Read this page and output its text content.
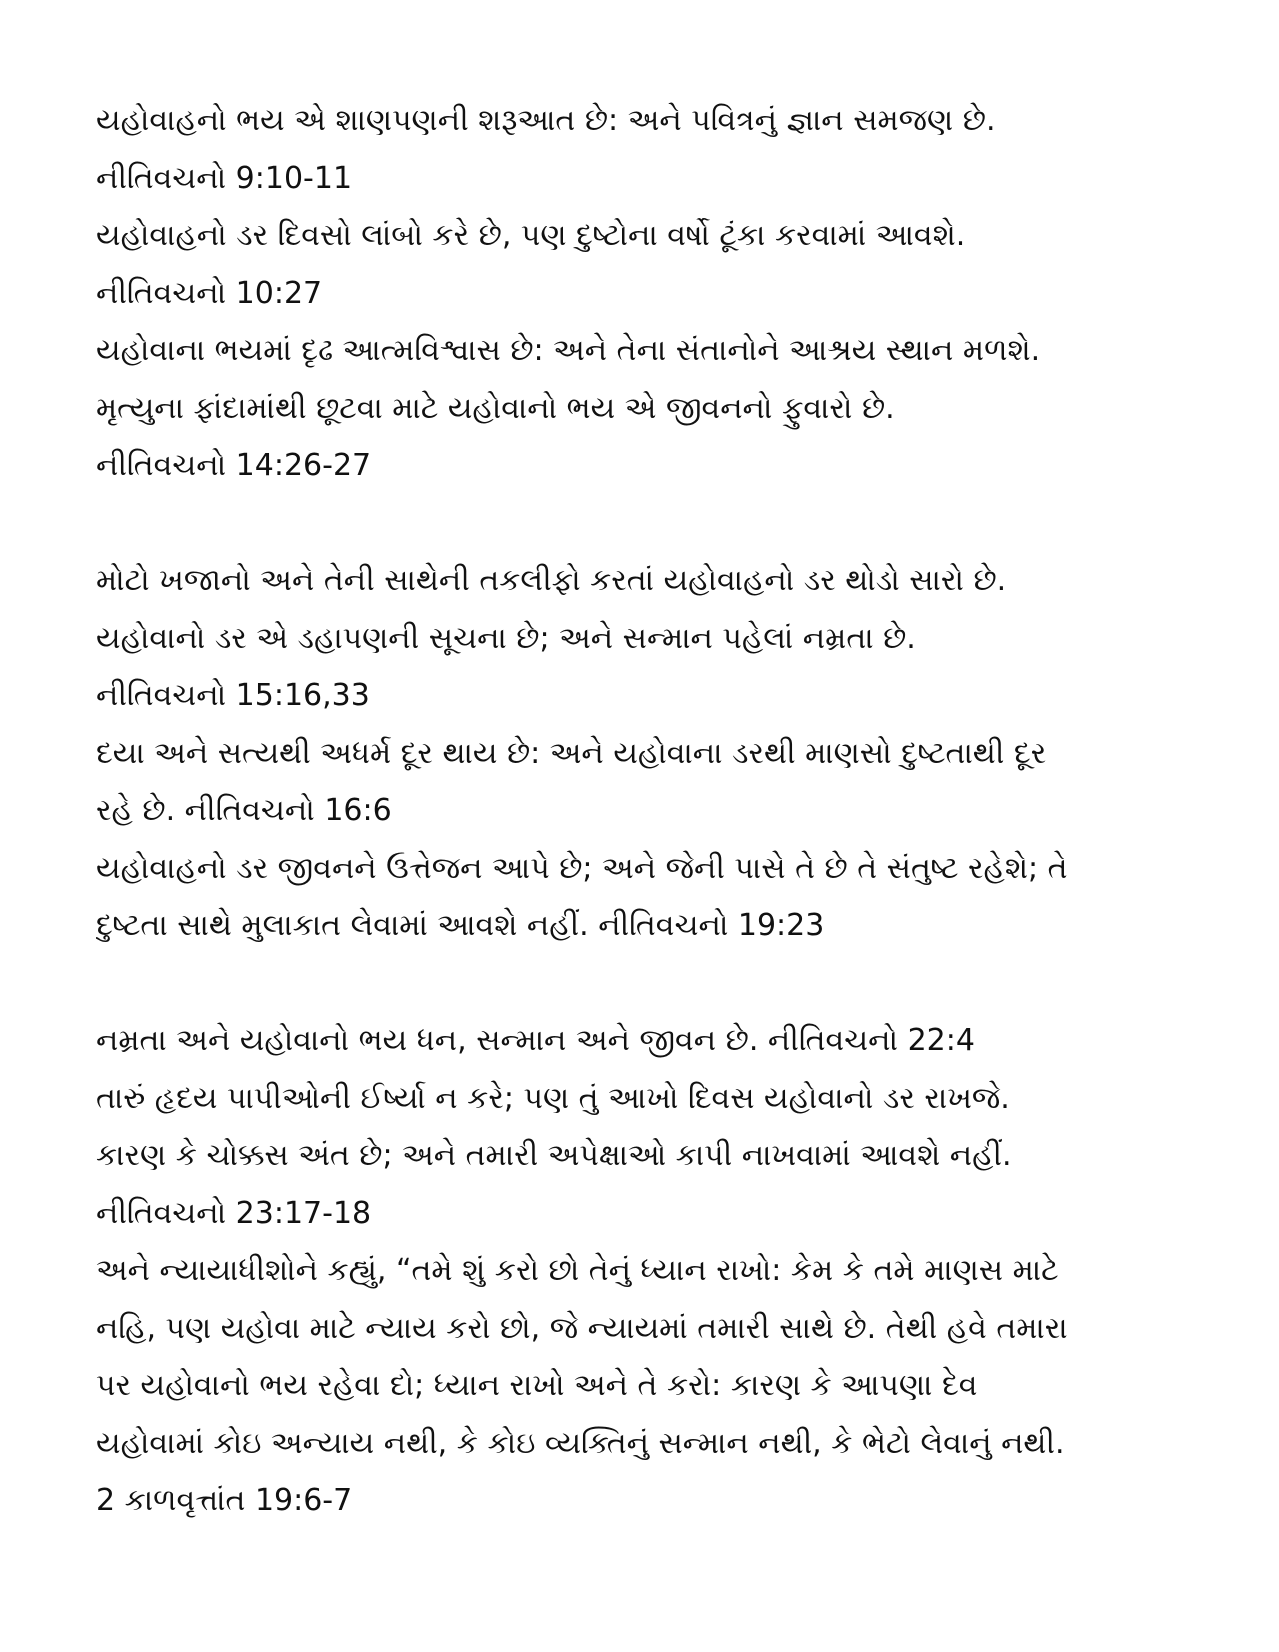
યહોવાહનો ભય એ શાણપણની શરૂઆત છે: અને પવિત્રનું જ્ઞાન સમજણ છે.
નીતિવચનો 9:10-11
યહોવાહનો ડર દિવસો લાંબો કરે છે, પણ દુષ્ટોના વર્ષો ટૂંકા કરવામાં આવશે.
નીતિવચનો 10:27
યહોવાના ભયમાં દૃઢ આત્મવિશ્વાસ છે: અને તેના સંતાનોને આશ્રય સ્થાન મળશે.
મૃત્યુના ફાંદામાંથી છૂટવા માટે યહોવાનો ભય એ જીવનનો ફુવારો છે.
નીતિવચનો 14:26-27
મોટો ખજાનો અને તેની સાથેની તકલીફો કરતાં યહોવાહનો ડર થોડો સારો છે.
યહોવાનો ડર એ ડહાપણની સૂચના છે; અને સન્માન પહેલાં નમ્રતા છે.
નીતિવચનો 15:16,33
દયા અને સત્યથી અધર્મ દૂર થાય છે: અને યહોવાના ડરથી માણસો દુષ્ટતાથી દૂર
રહે છે. નીતિવચનો 16:6
યહોવાહનો ડર જીવનને ઉત્તેજન આપે છે; અને જેની પાસે તે છે તે સંતુષ્ટ રહેશે; તે
દુષ્ટતા સાથે મુલાકાત લેવામાં આવશે નહીં. નીતિવચનો 19:23
નમ્રતા અને યહોવાનો ભય ધન, સન્માન અને જીવન છે. નીતિવચનો 22:4
તારું હૃદય પાપીઓની ઈર્ષ્યા ન કરે; પણ તું આખો દિવસ યહોવાનો ડર રાખજે.
કારણ કે ચોક્કસ અંત છે; અને તમારી અપેક્ષાઓ કાપી નાખવામાં આવશે નહીં.
નીતિવચનો 23:17-18
અને ન્યાયાધીશોને કહ્યું, “તમે શું કરો છો તેનું ધ્યાન રાખો: કેમ કે તમે માણસ માટે
નહિ, પણ યહોવા માટે ન્યાય કરો છો, જે ન્યાયમાં તમારી સાથે છે. તેથી હવે તમારા
પર યહોવાનો ભય રહેવા દો; ધ્યાન રાખો અને તે કરો: કારણ કે આપણા દેવ
યહોવામાં કોઇ અન્યાય નથી, કે કોઇ વ્યક્તિનું સન્માન નથી, કે ભેટો લેવાનું નથી.
2 કાળવૃત્તાંત 19:6-7
